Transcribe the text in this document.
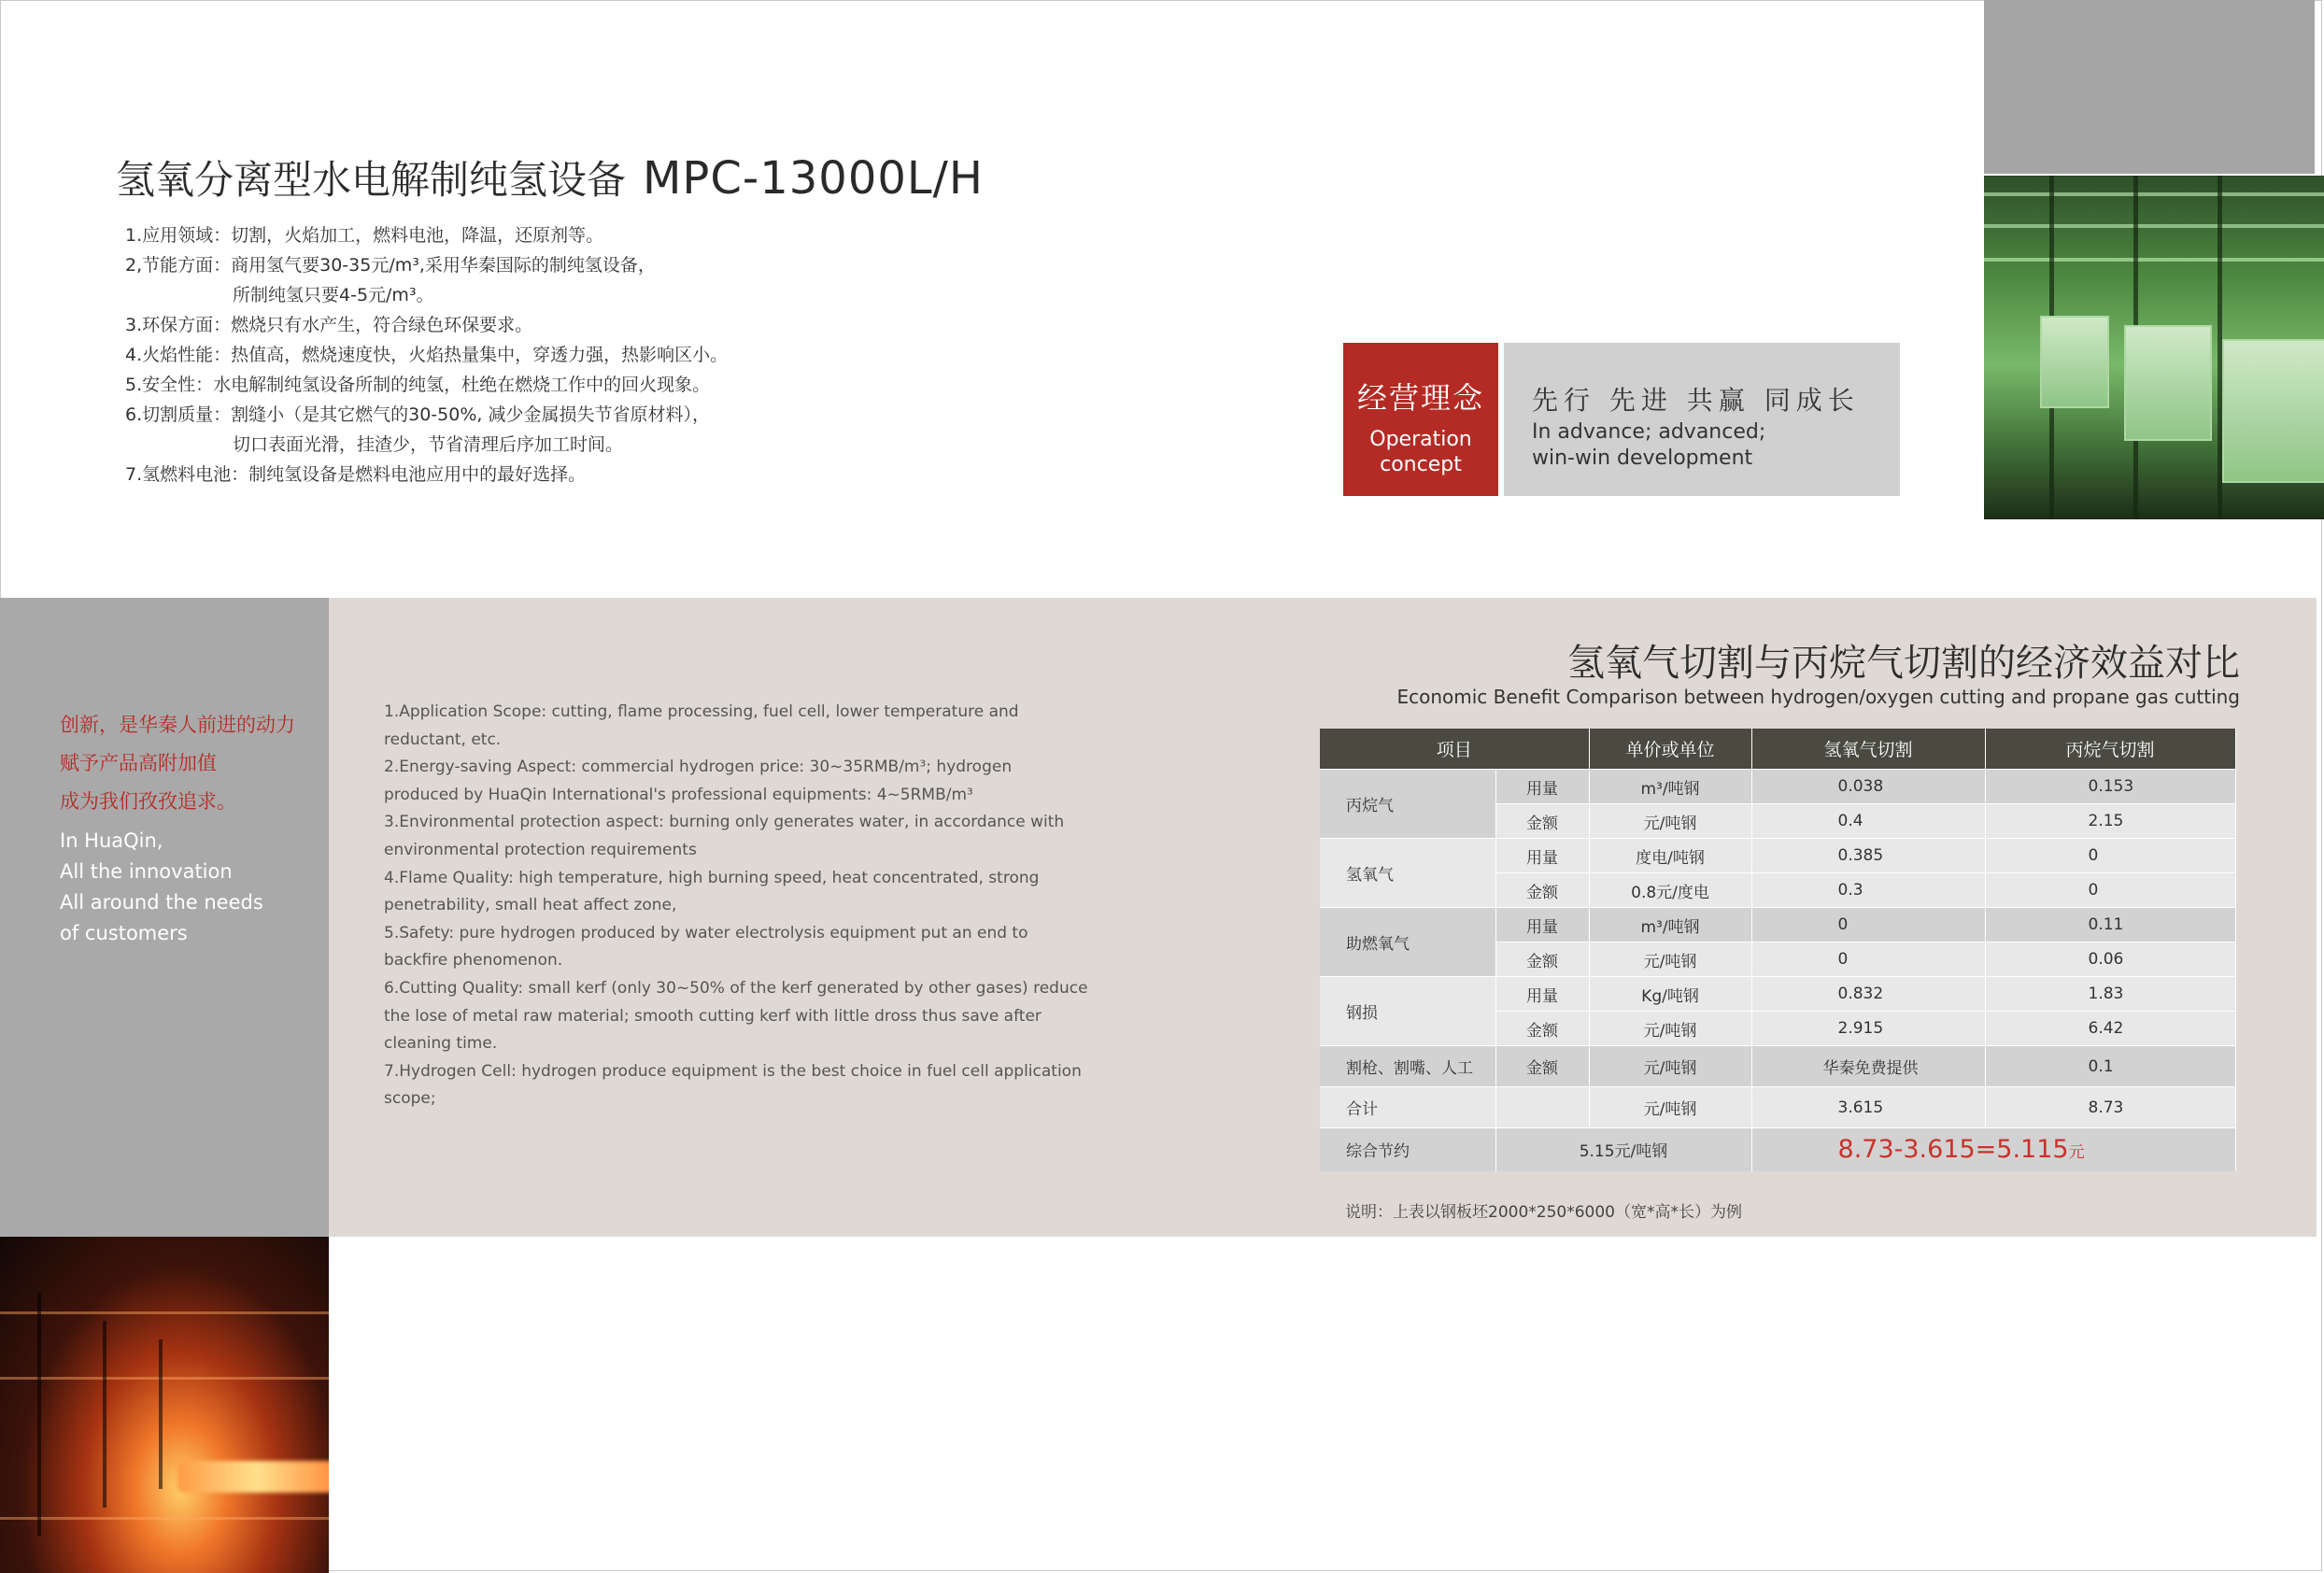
氢氧分离型水电解制纯氢设备 MPC-13000L/H
1.应用领域：切割，火焰加工，燃料电池，降温，还原剂等。
2,节能方面：商用氢气要30-35元/m³,采用华秦国际的制纯氢设备，
所制纯氢只要4-5元/m³。
3.环保方面：燃烧只有水产生，符合绿色环保要求。
4.火焰性能：热值高，燃烧速度快，火焰热量集中，穿透力强，热影响区小。
5.安全性：水电解制纯氢设备所制的纯氢，杜绝在燃烧工作中的回火现象。
6.切割质量：割缝小（是其它燃气的30-50%, 减少金属损失节省原材料），
切口表面光滑，挂渣少，节省清理后序加工时间。
7.氢燃料电池：制纯氢设备是燃料电池应用中的最好选择。
经营理念
Operation
concept
先行 先进 共赢 同成长
In advance; advanced;
win-win development
创新，是华秦人前进的动力
赋予产品高附加值
成为我们孜孜追求。
In HuaQin,
All the innovation
All around the needs
of customers
1.Application Scope: cutting, flame processing, fuel cell, lower temperature and
reductant, etc.
2.Energy-saving Aspect: commercial hydrogen price: 30~35RMB/m³; hydrogen
produced by HuaQin International's professional equipments: 4~5RMB/m³
3.Environmental protection aspect: burning only generates water, in accordance with
environmental protection requirements
4.Flame Quality: high temperature, high burning speed, heat concentrated, strong
penetrability, small heat affect zone,
5.Safety: pure hydrogen produced by water electrolysis equipment put an end to
backfire phenomenon.
6.Cutting Quality: small kerf (only 30~50% of the kerf generated by other gases) reduce
the lose of metal raw material; smooth cutting kerf with little dross thus save after
cleaning time.
7.Hydrogen Cell: hydrogen produce equipment is the best choice in fuel cell application
scope;
氢氧气切割与丙烷气切割的经济效益对比
Economic Benefit Comparison between hydrogen/oxygen cutting and propane gas cutting
项目		单价或单位	氢氧气切割	丙烷气切割
丙烷气	用量	m³/吨钢	0.038	0.153
	金额	元/吨钢	0.4	2.15
氢氧气	用量	度电/吨钢	0.385	0
	金额	0.8元/度电	0.3	0
助燃氧气	用量	m³/吨钢	0	0.11
	金额	元/吨钢	0	0.06
钢损	用量	Kg/吨钢	0.832	1.83
	金额	元/吨钢	2.915	6.42
割枪、割嘴、人工	金额	元/吨钢	华秦免费提供	0.1
合计		元/吨钢	3.615	8.73
综合节约	5.15元/吨钢		8.73-3.615=5.115元	
说明：上表以钢板坯2000*250*6000（宽*高*长）为例
